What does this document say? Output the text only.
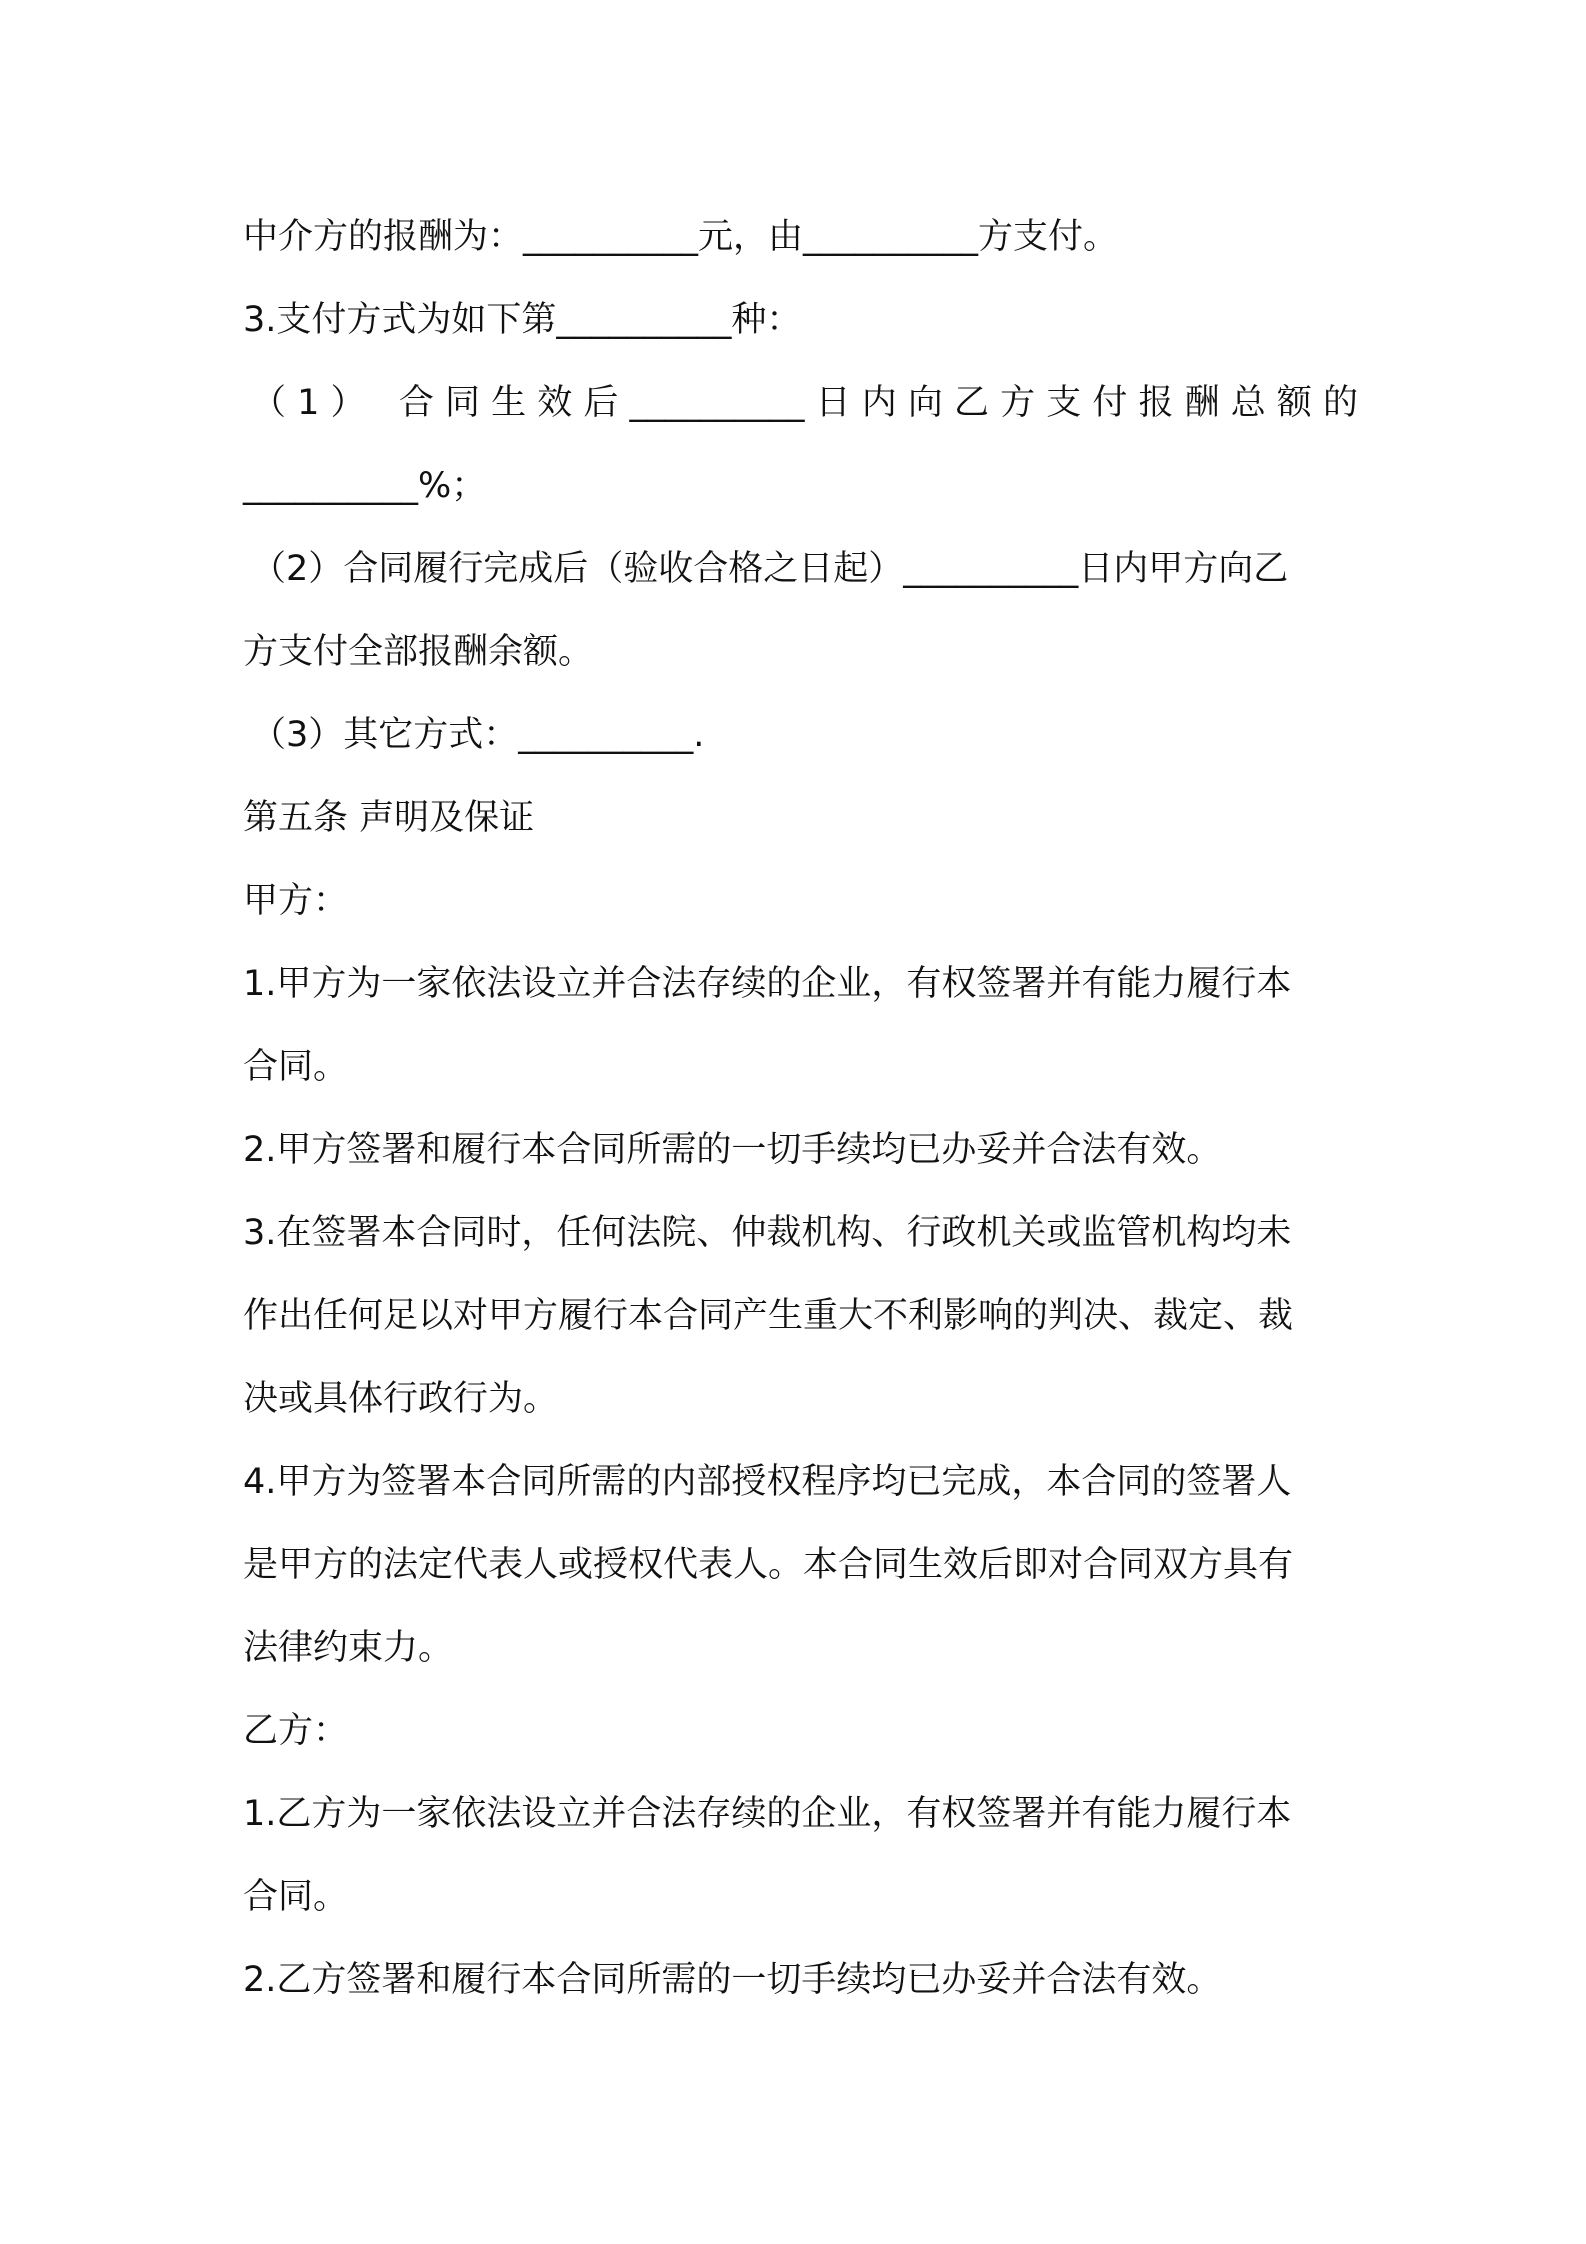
中介方的报酬为：__________元，由__________方支付。
3.支付方式为如下第__________种：
（1） 合同生效后__________日内向乙方支付报酬总额的
__________%；
（2）合同履行完成后（验收合格之日起）__________日内甲方向乙
方支付全部报酬余额。
（3）其它方式：__________.
第五条 声明及保证
甲方：
1.甲方为一家依法设立并合法存续的企业，有权签署并有能力履行本
合同。
2.甲方签署和履行本合同所需的一切手续均已办妥并合法有效。
3.在签署本合同时，任何法院、仲裁机构、行政机关或监管机构均未
作出任何足以对甲方履行本合同产生重大不利影响的判决、裁定、裁
决或具体行政行为。
4.甲方为签署本合同所需的内部授权程序均已完成，本合同的签署人
是甲方的法定代表人或授权代表人。本合同生效后即对合同双方具有
法律约束力。
乙方：
1.乙方为一家依法设立并合法存续的企业，有权签署并有能力履行本
合同。
2.乙方签署和履行本合同所需的一切手续均已办妥并合法有效。
